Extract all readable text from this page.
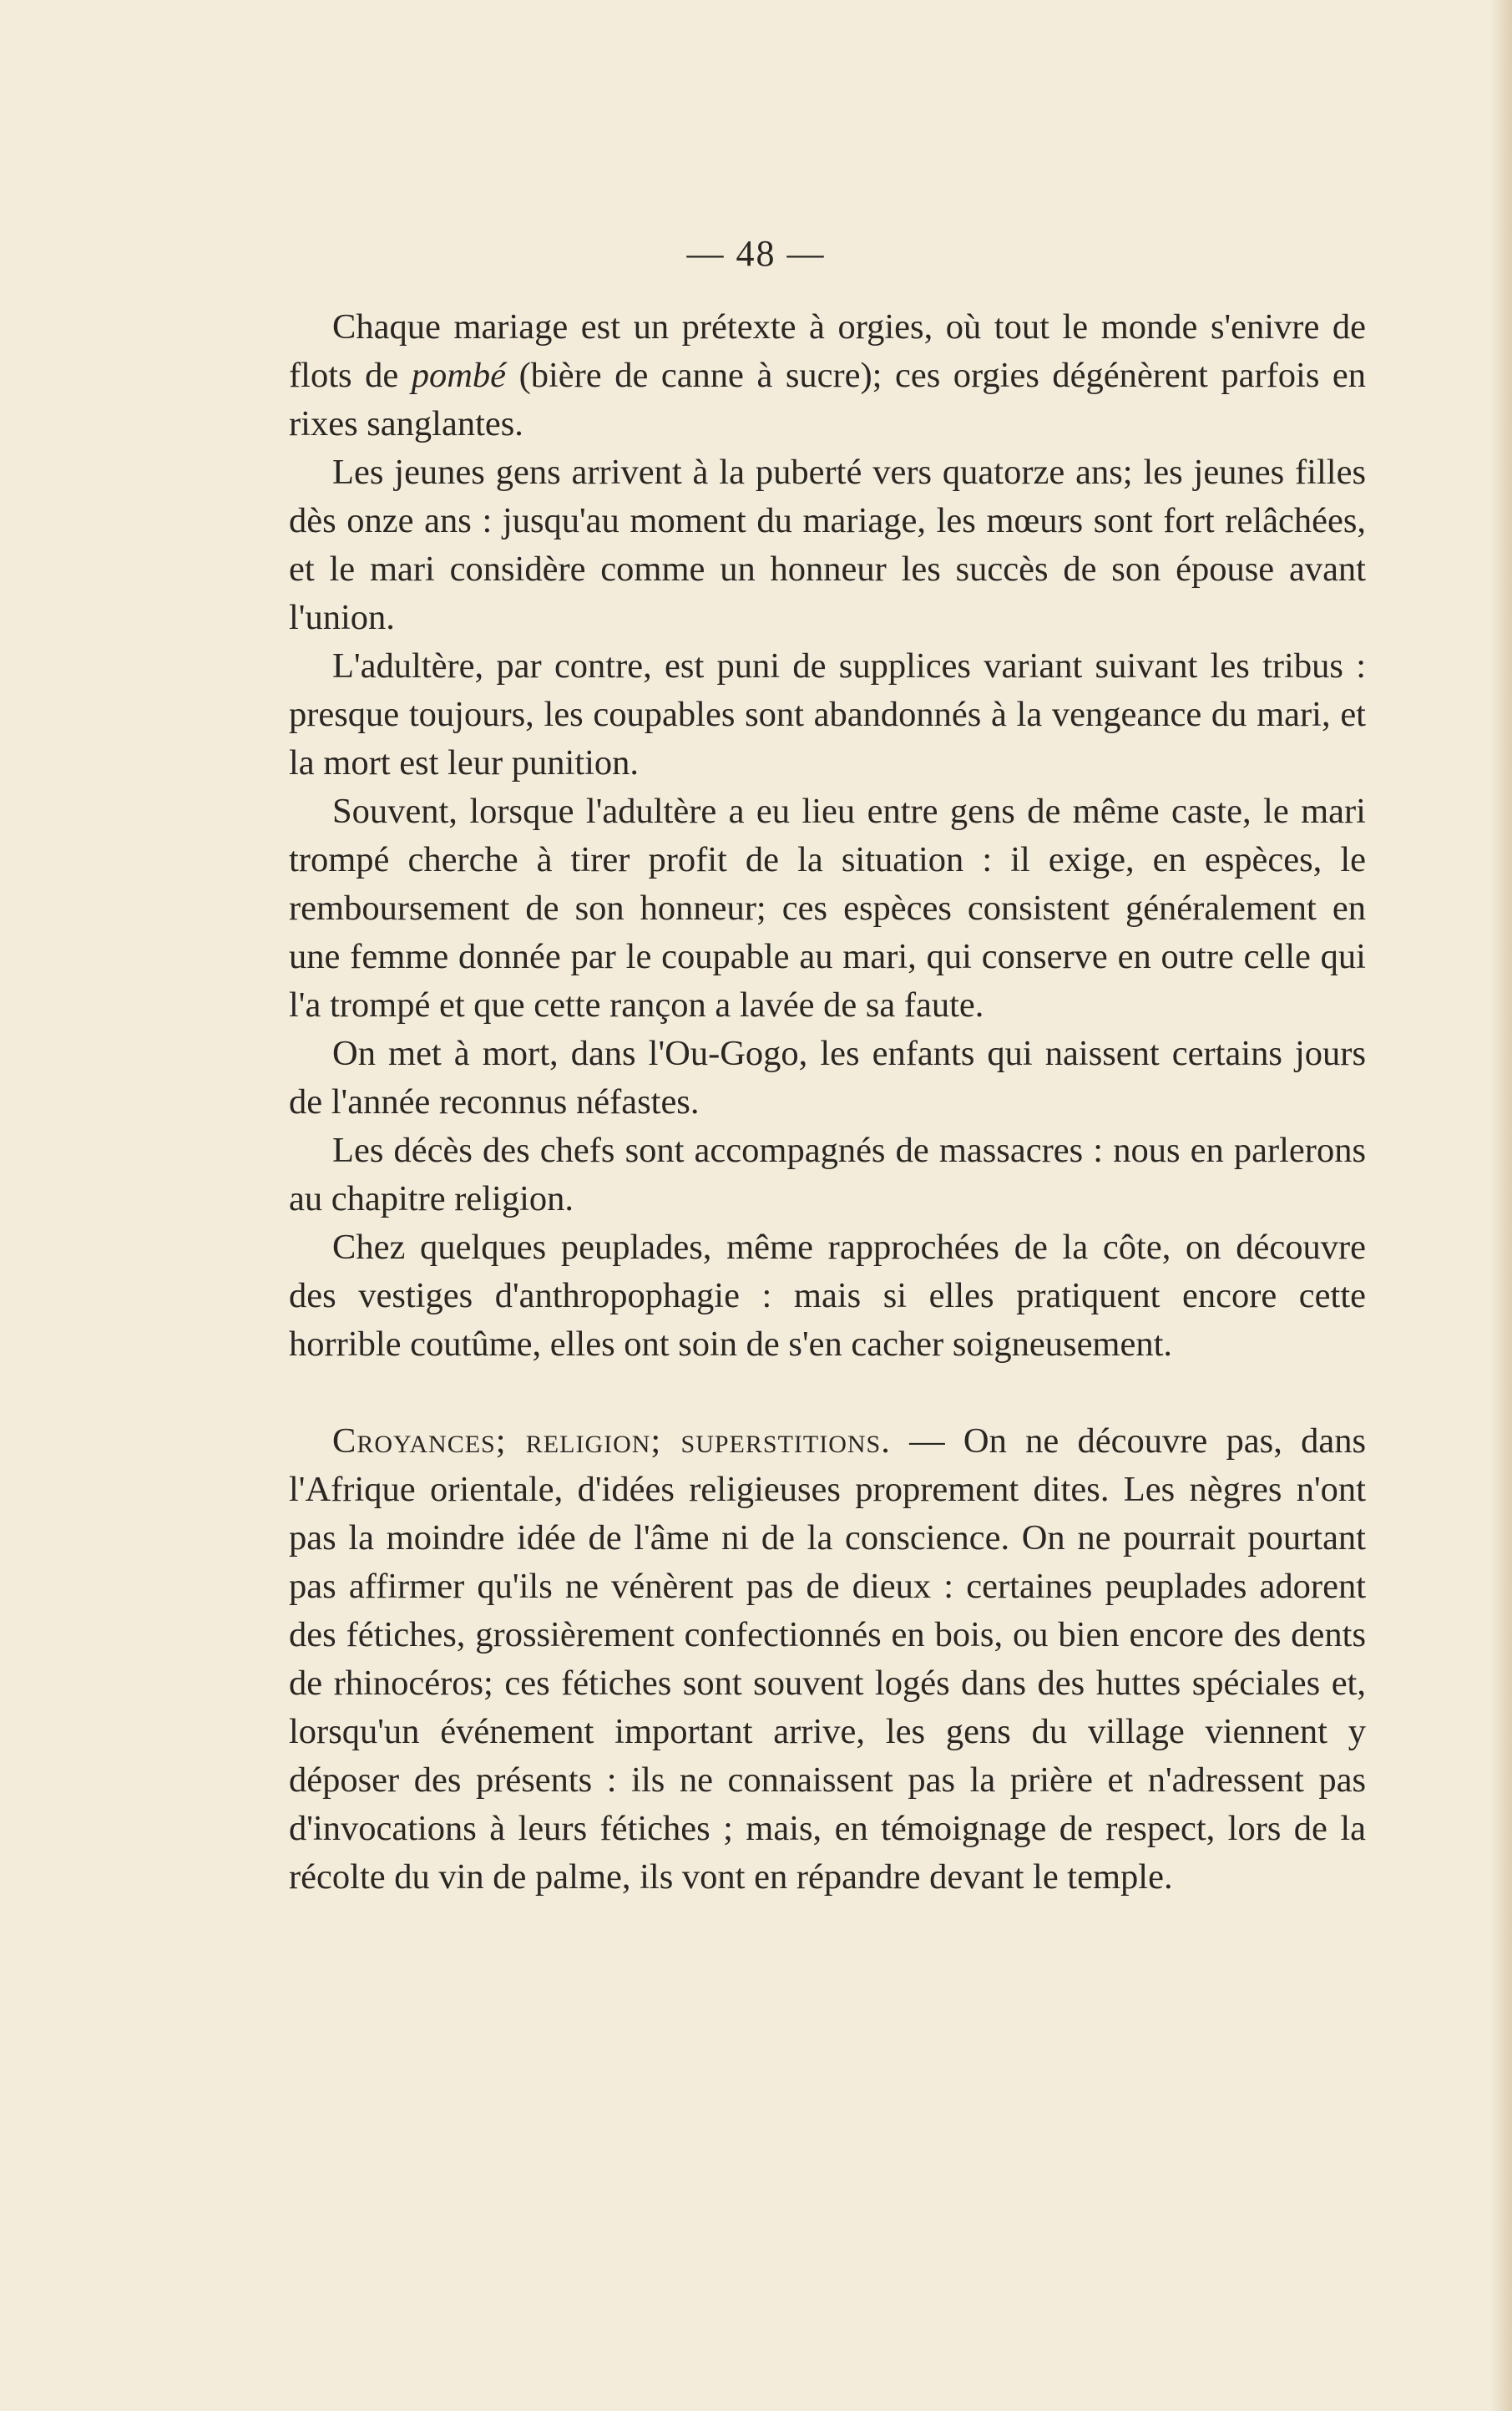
— 48 —

Chaque mariage est un prétexte à orgies, où tout le monde s'enivre de flots de pombé (bière de canne à sucre); ces orgies dégénèrent parfois en rixes sanglantes.

Les jeunes gens arrivent à la puberté vers quatorze ans; les jeunes filles dès onze ans : jusqu'au moment du mariage, les mœurs sont fort relâchées, et le mari considère comme un honneur les succès de son épouse avant l'union.

L'adultère, par contre, est puni de supplices variant suivant les tribus : presque toujours, les coupables sont abandonnés à la vengeance du mari, et la mort est leur punition.

Souvent, lorsque l'adultère a eu lieu entre gens de même caste, le mari trompé cherche à tirer profit de la situation : il exige, en espèces, le remboursement de son honneur; ces espèces consistent généralement en une femme donnée par le coupable au mari, qui conserve en outre celle qui l'a trompé et que cette rançon a lavée de sa faute.

On met à mort, dans l'Ou-Gogo, les enfants qui naissent certains jours de l'année reconnus néfastes.

Les décès des chefs sont accompagnés de massacres : nous en parlerons au chapitre religion.

Chez quelques peuplades, même rapprochées de la côte, on découvre des vestiges d'anthropophagie : mais si elles pratiquent encore cette horrible coutûme, elles ont soin de s'en cacher soigneusement.

Croyances; religion; superstitions. — On ne découvre pas, dans l'Afrique orientale, d'idées religieuses proprement dites. Les nègres n'ont pas la moindre idée de l'âme ni de la conscience. On ne pourrait pourtant pas affirmer qu'ils ne vénèrent pas de dieux : certaines peuplades adorent des fétiches, grossièrement confectionnés en bois, ou bien encore des dents de rhinocéros; ces fétiches sont souvent logés dans des huttes spéciales et, lorsqu'un événement important arrive, les gens du village viennent y déposer des présents : ils ne connaissent pas la prière et n'adressent pas d'invocations à leurs fétiches ; mais, en témoignage de respect, lors de la récolte du vin de palme, ils vont en répandre devant le temple.
